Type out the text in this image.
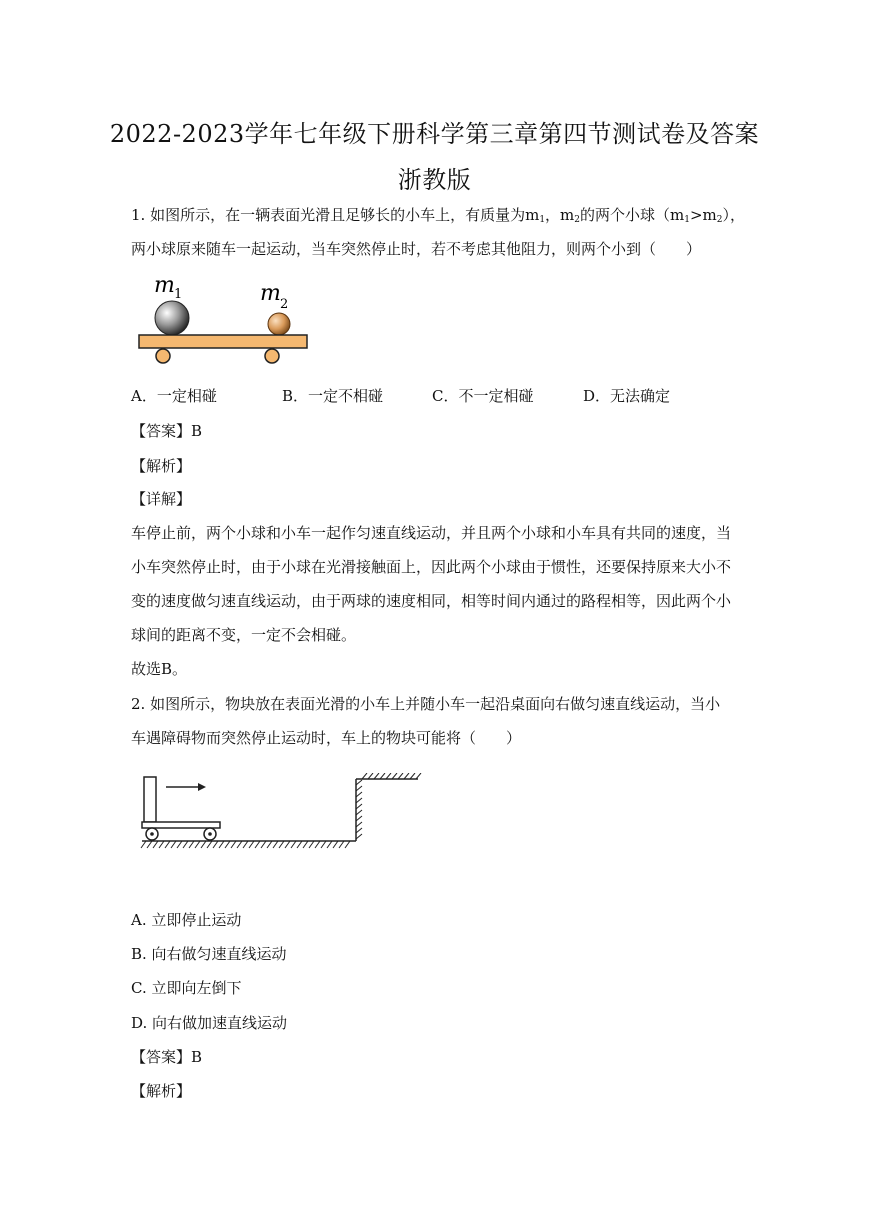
2022-2023学年七年级下册科学第三章第四节测试卷及答案
浙教版
1. 如图所示，在一辆表面光滑且足够长的小车上，有质量为$m_1$，$m_2$的两个小球$(m_1>m_2)$，
两小球原来随车一起运动，当车突然停止时，若不考虑其他阻力，则两个小到（　　）
m 1	m 2
A．一定相碰	B．一定不相碰	C．不一定相碰	D．无法确定
【答案】B
【解析】
【详解】
车停止前，两个小球和小车一起作匀速直线运动，并且两个小球和小车具有共同的速度，当
小车突然停止时，由于小球在光滑接触面上，因此两个小球由于惯性，还要保持原来大小不
变的速度做匀速直线运动，由于两球的速度相同，相等时间内通过的路程相等，因此两个小
球间的距离不变，一定不会相碰。
故选B。
2. 如图所示，物块放在表面光滑的小车上并随小车一起沿桌面向右做匀速直线运动，当小
车遇障碍物而突然停止运动时，车上的物块可能将（　　）
A. 立即停止运动
B. 向右做匀速直线运动
C. 立即向左倒下
D. 向右做加速直线运动
【答案】B
【解析】
